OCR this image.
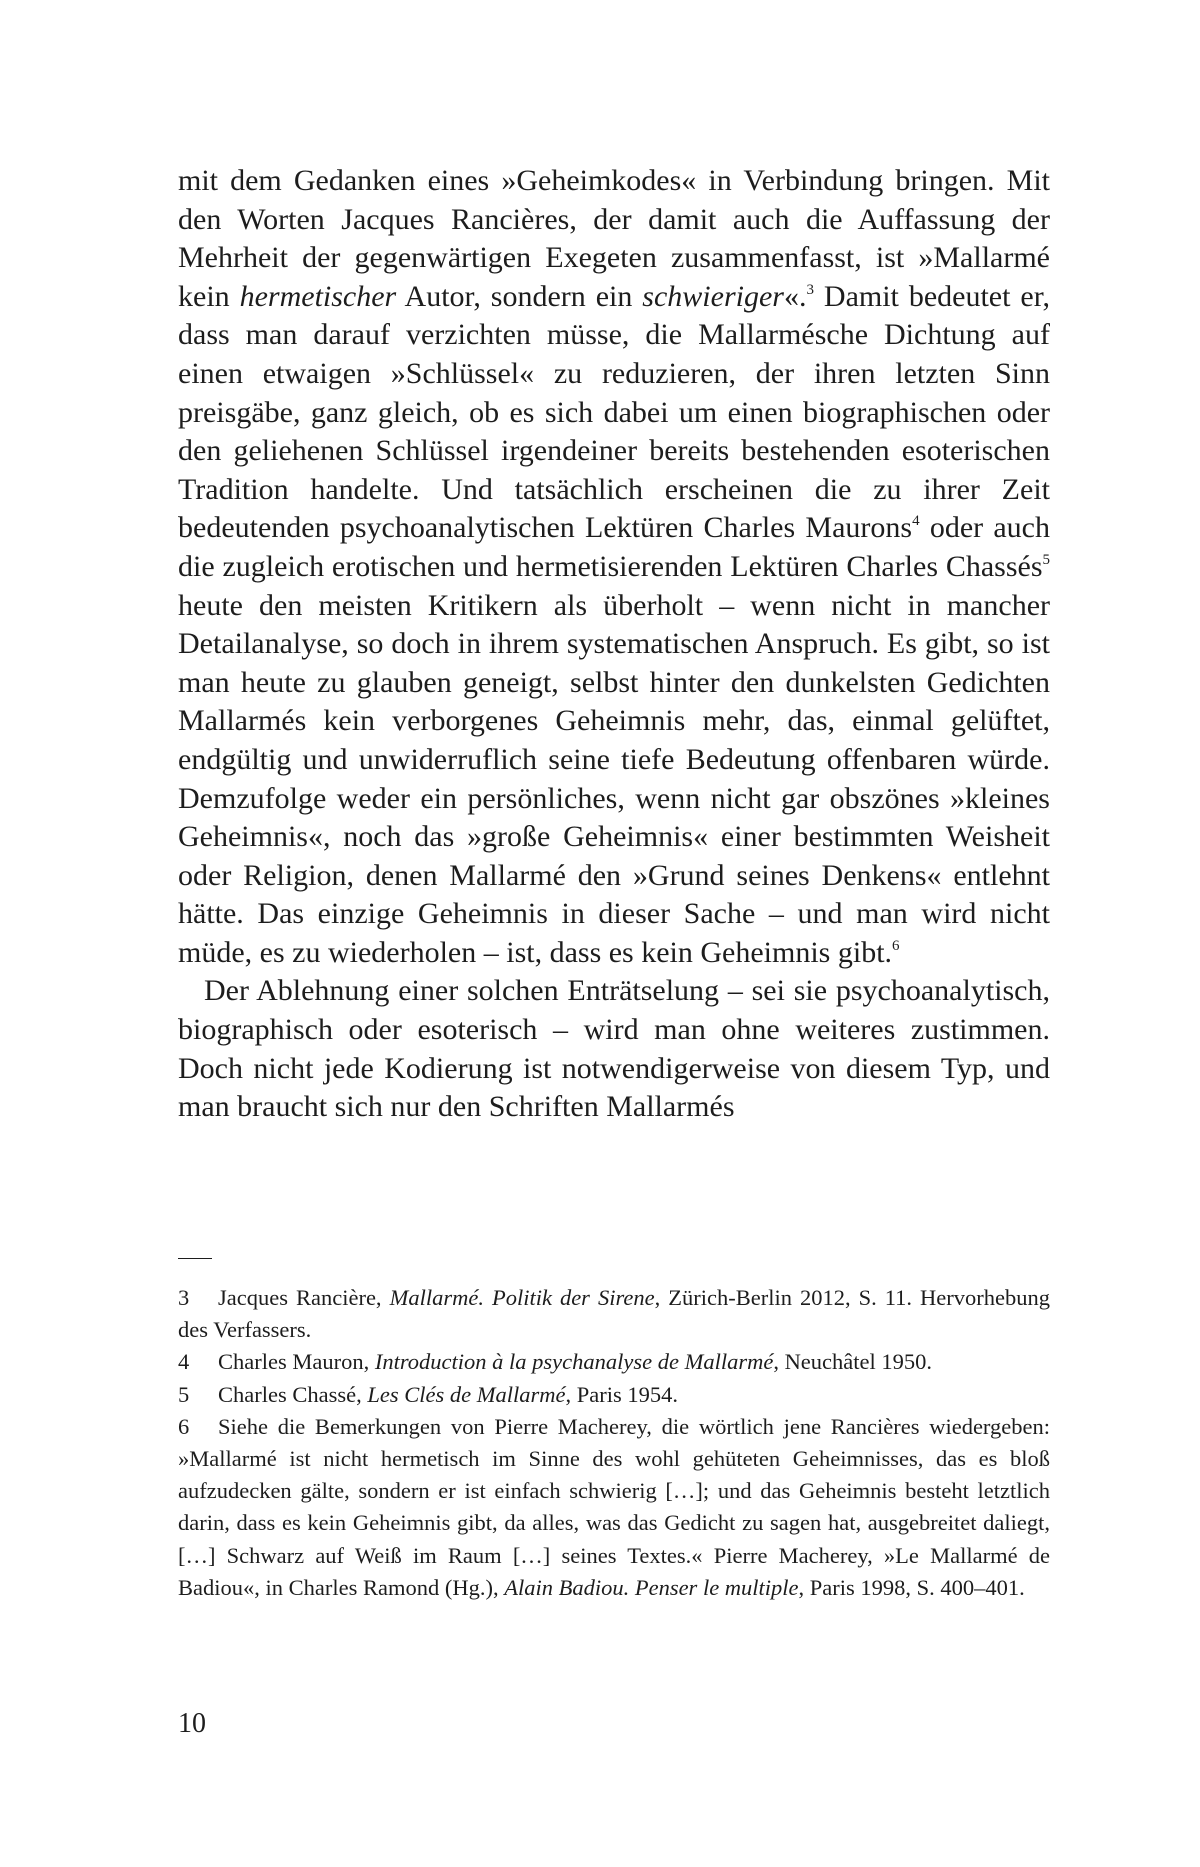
mit dem Gedanken eines »Geheimkodes« in Verbindung bringen. Mit den Worten Jacques Rancières, der damit auch die Auffassung der Mehrheit der gegenwärtigen Exegeten zusammenfasst, ist »Mallarmé kein hermetischer Autor, sondern ein schwieriger«.$^3$ Damit bedeutet er, dass man darauf verzichten müsse, die Mallarmésche Dichtung auf einen etwaigen »Schlüssel« zu reduzieren, der ihren letzten Sinn preisgäbe, ganz gleich, ob es sich dabei um einen biographischen oder den geliehenen Schlüssel irgendeiner bereits bestehenden esoterischen Tradition handelte. Und tatsächlich erscheinen die zu ihrer Zeit bedeutenden psychoanalytischen Lektüren Charles Maurons$^4$ oder auch die zugleich erotischen und hermetisierenden Lektüren Charles Chassés$^5$ heute den meisten Kritikern als überholt – wenn nicht in mancher Detailanalyse, so doch in ihrem systematischen Anspruch. Es gibt, so ist man heute zu glauben geneigt, selbst hinter den dunkelsten Gedichten Mallarmés kein verborgenes Geheimnis mehr, das, einmal gelüftet, endgültig und unwiderruflich seine tiefe Bedeutung offenbaren würde. Demzufolge weder ein persönliches, wenn nicht gar obszönes »kleines Geheimnis«, noch das »große Geheimnis« einer bestimmten Weisheit oder Religion, denen Mallarmé den »Grund seines Denkens« entlehnt hätte. Das einzige Geheimnis in dieser Sache – und man wird nicht müde, es zu wiederholen – ist, dass es kein Geheimnis gibt.$^6$

Der Ablehnung einer solchen Enträtselung – sei sie psychoanalytisch, biographisch oder esoterisch – wird man ohne weiteres zustimmen. Doch nicht jede Kodierung ist notwendigerweise von diesem Typ, und man braucht sich nur den Schriften Mallarmés

3 Jacques Rancière, Mallarmé. Politik der Sirene, Zürich-Berlin 2012, S. 11. Hervorhebung des Verfassers.

4 Charles Mauron, Introduction à la psychanalyse de Mallarmé, Neuchâtel 1950.

5 Charles Chassé, Les Clés de Mallarmé, Paris 1954.

6 Siehe die Bemerkungen von Pierre Macherey, die wörtlich jene Rancières wiedergeben: »Mallarmé ist nicht hermetisch im Sinne des wohl gehüteten Geheimnisses, das es bloß aufzudecken gälte, sondern er ist einfach schwierig […]; und das Geheimnis besteht letztlich darin, dass es kein Geheimnis gibt, da alles, was das Gedicht zu sagen hat, ausgebreitet daliegt, […] Schwarz auf Weiß im Raum […] seines Textes.« Pierre Macherey, »Le Mallarmé de Badiou«, in Charles Ramond (Hg.), Alain Badiou. Penser le multiple, Paris 1998, S. 400–401.

10
